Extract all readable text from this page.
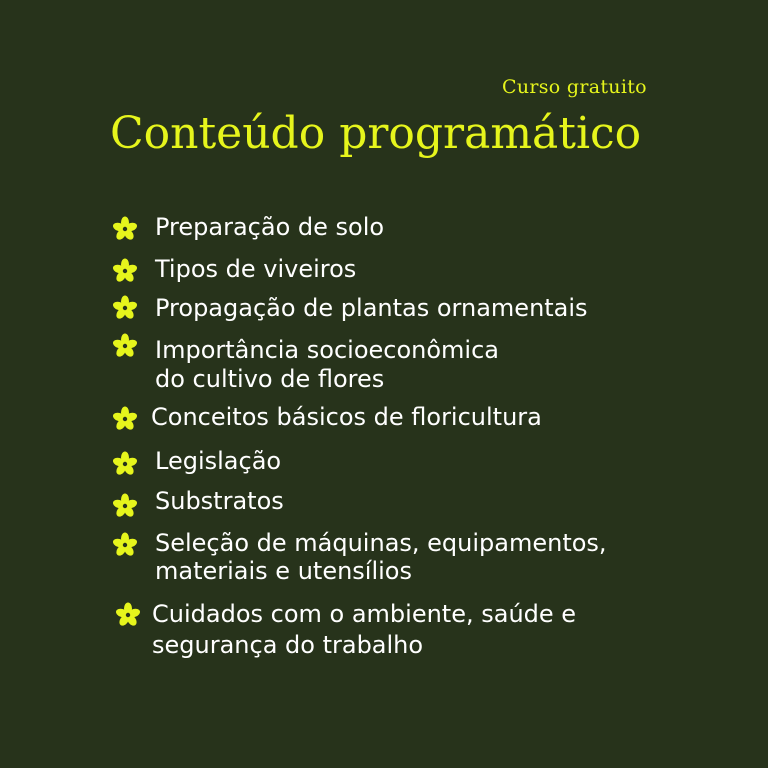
Curso gratuito
Conteúdo programático
Preparação de solo
Tipos de viveiros
Propagação de plantas ornamentais
Importância socioeconômica
do cultivo de flores
Conceitos básicos de floricultura
Legislação
Substratos
Seleção de máquinas, equipamentos,
materiais e utensílios
Cuidados com o ambiente, saúde e
segurança do trabalho
